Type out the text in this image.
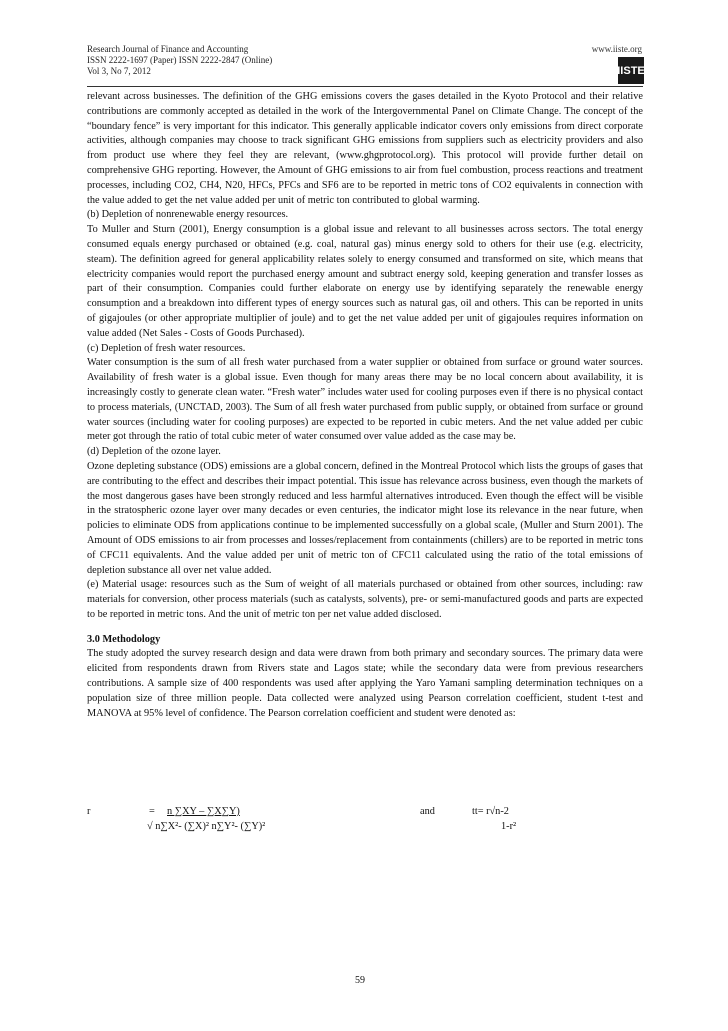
Research Journal of Finance and Accounting
ISSN 2222-1697 (Paper) ISSN 2222-2847 (Online)
Vol 3, No 7, 2012
www.iiste.org
IISTE

relevant across businesses. The definition of the GHG emissions covers the gases detailed in the Kyoto Protocol and their relative contributions are commonly accepted as detailed in the work of the Intergovernmental Panel on Climate Change. The concept of the “boundary fence” is very important for this indicator. This generally applicable indicator covers only emissions from direct corporate activities, although companies may choose to track significant GHG emissions from suppliers such as electricity providers and also from product use where they feel they are relevant, (www.ghgprotocol.org). This protocol will provide further detail on comprehensive GHG reporting. However, the Amount of GHG emissions to air from fuel combustion, process reactions and treatment processes, including CO2, CH4, N20, HFCs, PFCs and SF6 are to be reported in metric tons of CO2 equivalents in connection with the value added to get the net value added per unit of metric ton contributed to global warming.

(b) Depletion of nonrenewable energy resources.

To Muller and Sturn (2001), Energy consumption is a global issue and relevant to all businesses across sectors. The total energy consumed equals energy purchased or obtained (e.g. coal, natural gas) minus energy sold to others for their use (e.g. electricity, steam). The definition agreed for general applicability relates solely to energy consumed and transformed on site, which means that electricity companies would report the purchased energy amount and subtract energy sold, keeping generation and transfer losses as part of their consumption. Companies could further elaborate on energy use by identifying separately the renewable energy consumption and a breakdown into different types of energy sources such as natural gas, oil and others. This can be reported in units of gigajoules (or other appropriate multiplier of joule) and to get the net value added per unit of gigajoules requires information on value added (Net Sales - Costs of Goods Purchased).

(c) Depletion of fresh water resources.

Water consumption is the sum of all fresh water purchased from a water supplier or obtained from surface or ground water sources. Availability of fresh water is a global issue. Even though for many areas there may be no local concern about availability, it is increasingly costly to generate clean water. “Fresh water” includes water used for cooling purposes even if there is no physical contact to process materials, (UNCTAD, 2003). The Sum of all fresh water purchased from public supply, or obtained from surface or ground water sources (including water for cooling purposes) are expected to be reported in cubic meters. And the net value added per cubic meter got through the ratio of total cubic meter of water consumed over value added as the case may be.

(d) Depletion of the ozone layer.

Ozone depleting substance (ODS) emissions are a global concern, defined in the Montreal Protocol which lists the groups of gases that are contributing to the effect and describes their impact potential. This issue has relevance across business, even though the markets of the most dangerous gases have been strongly reduced and less harmful alternatives introduced. Even though the effect will be visible in the stratospheric ozone layer over many decades or even centuries, the indicator might lose its relevance in the near future, when policies to eliminate ODS from applications continue to be implemented successfully on a global scale, (Muller and Sturn 2001). The Amount of ODS emissions to air from processes and losses/replacement from containments (chillers) are to be reported in metric tons of CFC11 equivalents. And the value added per unit of metric ton of CFC11 calculated using the ratio of the total emissions of depletion substance all over net value added.

(e) Material usage: resources such as the Sum of weight of all materials purchased or obtained from other sources, including: raw materials for conversion, other process materials (such as catalysts, solvents), pre- or semi-manufactured goods and parts are expected to be reported in metric tons. And the unit of metric ton per net value added disclosed.

3.0 Methodology

The study adopted the survey research design and data were drawn from both primary and secondary sources. The primary data were elicited from respondents drawn from Rivers state and Lagos state; while the secondary data were from previous researchers contributions. A sample size of 400 respondents was used after applying the Yaro Yamani sampling determination techniques on a population size of three million people. Data collected were analyzed using Pearson correlation coefficient, student t-test and MANOVA at 95% level of confidence. The Pearson correlation coefficient and student were denoted as:

r	= n ∑XY – ∑X∑Y)	and	tt= r√n-2
√ n∑X²- (∑X)² n∑Y²- (∑Y)²	1-r²
59
